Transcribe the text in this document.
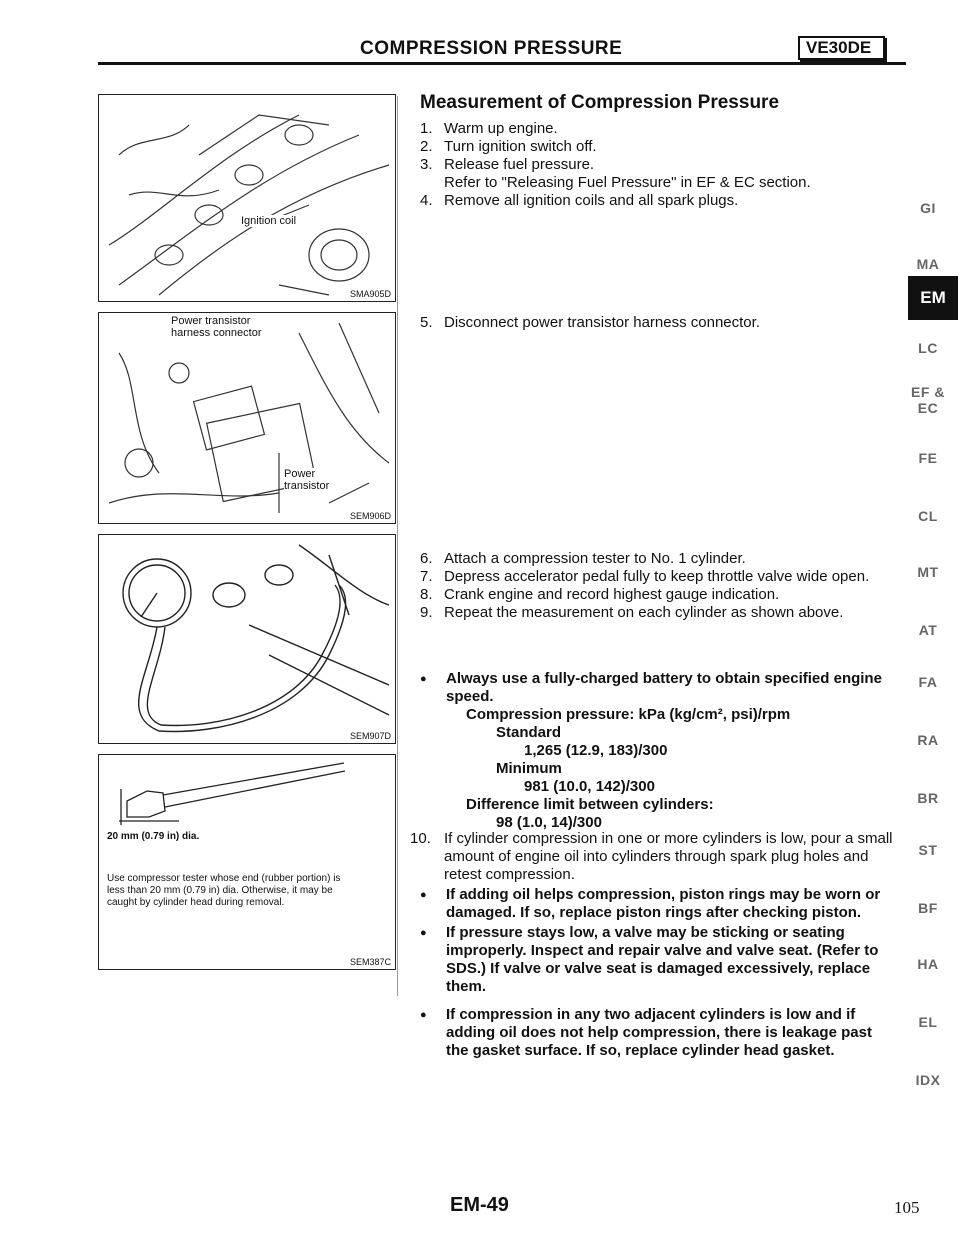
COMPRESSION PRESSURE	VE30DE
Ignition coil
SMA905D
Power transistor
harness connector
Power
transistor
SEM906D
SEM907D
20 mm (0.79 in) dia.
Use compressor tester whose end (rubber portion) is less than 20 mm (0.79 in) dia. Otherwise, it may be caught by cylinder head during removal.
SEM387C
Measurement of Compression Pressure
1. Warm up engine.
2. Turn ignition switch off.
3. Release fuel pressure.
Refer to "Releasing Fuel Pressure" in EF & EC section.
4. Remove all ignition coils and all spark plugs.
5. Disconnect power transistor harness connector.
6. Attach a compression tester to No. 1 cylinder.
7. Depress accelerator pedal fully to keep throttle valve wide open.
8. Crank engine and record highest gauge indication.
9. Repeat the measurement on each cylinder as shown above.
●	Always use a fully-charged battery to obtain specified engine speed.
Compression pressure: kPa (kg/cm², psi)/rpm
Standard
1,265 (12.9, 183)/300
Minimum
981 (10.0, 142)/300
Difference limit between cylinders:
98 (1.0, 14)/300
10. If cylinder compression in one or more cylinders is low, pour a small amount of engine oil into cylinders through spark plug holes and retest compression.
●	If adding oil helps compression, piston rings may be worn or damaged. If so, replace piston rings after checking piston.
●	If pressure stays low, a valve may be sticking or seating improperly. Inspect and repair valve and valve seat. (Refer to SDS.) If valve or valve seat is damaged excessively, replace them.
●	If compression in any two adjacent cylinders is low and if adding oil does not help compression, there is leakage past the gasket surface. If so, replace cylinder head gasket.
GI
MA
EM
LC
EF &
EC
FE
CL
MT
AT
FA
RA
BR
ST
BF
HA
EL
IDX
EM-49	105
